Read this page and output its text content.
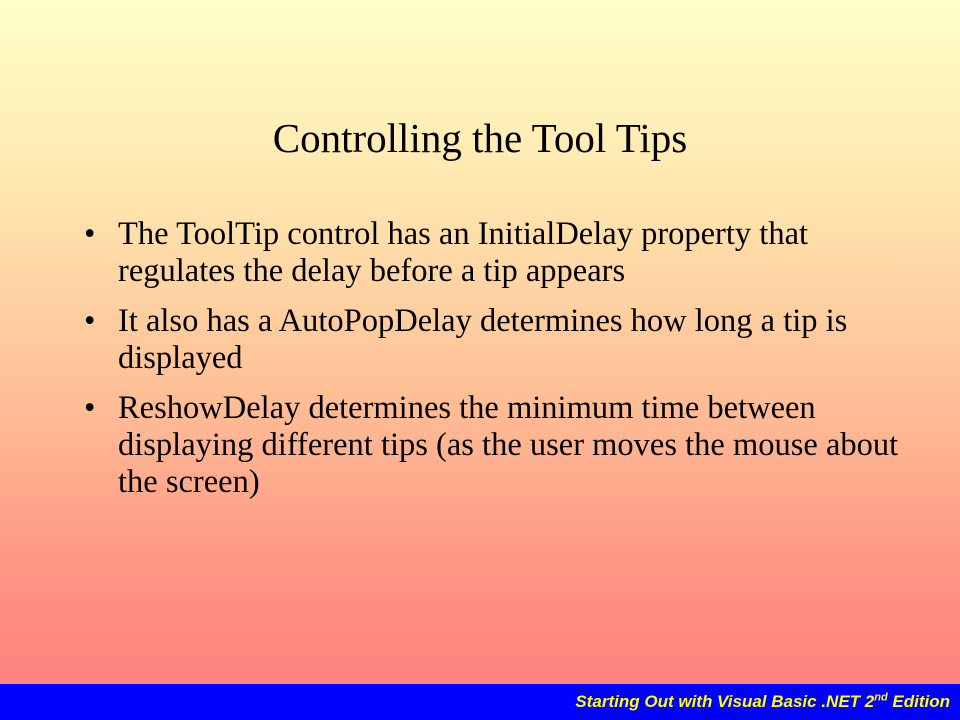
Controlling the Tool Tips
• The ToolTip control has an InitialDelay property that regulates the delay before a tip appears
• It also has a AutoPopDelay determines how long a tip is displayed
• ReshowDelay determines the minimum time between displaying different tips (as the user moves the mouse about the screen)
Starting Out with Visual Basic .NET 2nd Edition
